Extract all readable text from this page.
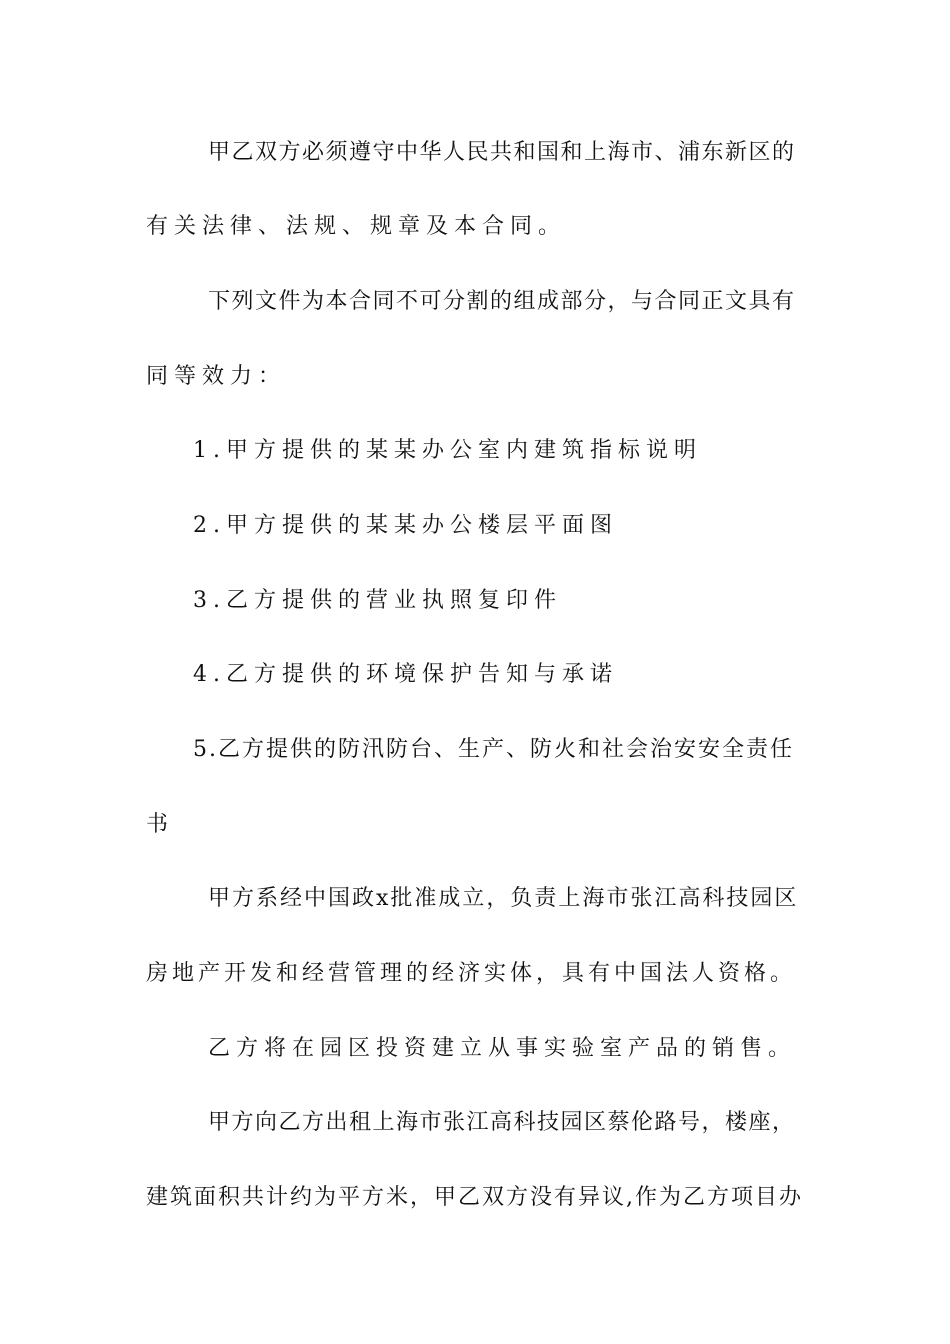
甲乙双方必须遵守中华人民共和国和上海市、浦东新区的
有关法律、法规、规章及本合同。
下列文件为本合同不可分割的组成部分，与合同正文具有
同等效力：
1.甲方提供的某某办公室内建筑指标说明
2.甲方提供的某某办公楼层平面图
3.乙方提供的营业执照复印件
4.乙方提供的环境保护告知与承诺
5.乙方提供的防汛防台、生产、防火和社会治安安全责任
书
甲方系经中国政x批准成立，负责上海市张江高科技园区
房地产开发和经营管理的经济实体，具有中国法人资格。
乙方将在园区投资建立从事实验室产品的销售。
甲方向乙方出租上海市张江高科技园区蔡伦路号，楼座，
建筑面积共计约为平方米，甲乙双方没有异议,作为乙方项目办
